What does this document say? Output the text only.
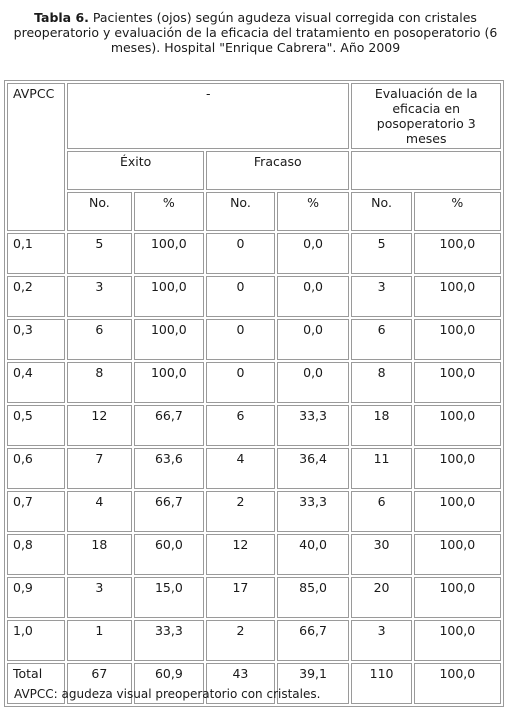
Tabla 6. Pacientes (ojos) según agudeza visual corregida con cristales preoperatorio y evaluación de la eficacia del tratamiento en posoperatorio (6 meses). Hospital "Enrique Cabrera". Año 2009
AVPCC	-				Evaluación de la eficacia en posoperatorio 3 meses	
	Éxito		Fracaso			
	No.	%	No.	%	No.	%
0,1	5	100,0	0	0,0	5	100,0
0,2	3	100,0	0	0,0	3	100,0
0,3	6	100,0	0	0,0	6	100,0
0,4	8	100,0	0	0,0	8	100,0
0,5	12	66,7	6	33,3	18	100,0
0,6	7	63,6	4	36,4	11	100,0
0,7	4	66,7	2	33,3	6	100,0
0,8	18	60,0	12	40,0	30	100,0
0,9	3	15,0	17	85,0	20	100,0
1,0	1	33,3	2	66,7	3	100,0
Total	67	60,9	43	39,1	110	100,0
AVPCC: agudeza visual preoperatorio con cristales.
